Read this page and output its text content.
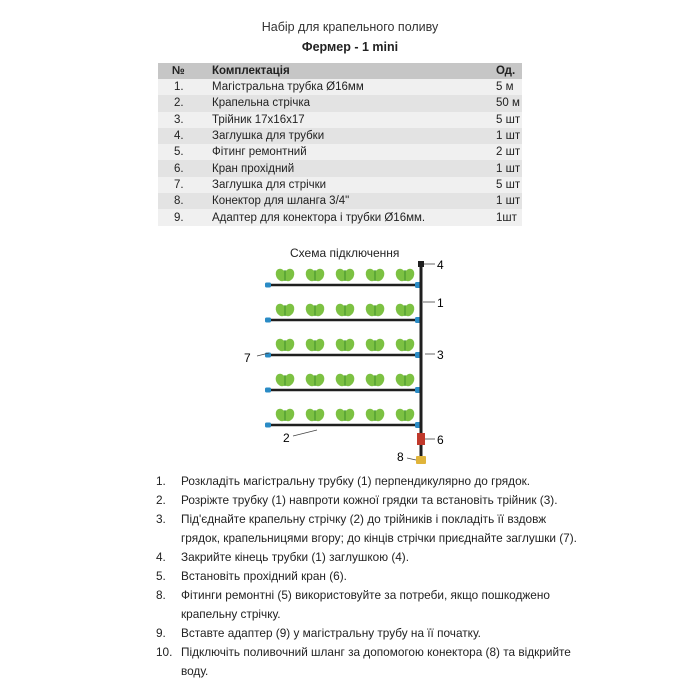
Набір для крапельного поливу
Фермер - 1 mini
№	Комплектація	Од.
1.	Магістральна трубка Ø16мм	5 м
2.	Крапельна стрічка	50 м
3.	Трійник 17х16х17	5 шт
4.	Заглушка для трубки	1 шт
5.	Фітинг ремонтний	2 шт
6.	Кран прохідний	1 шт
7.	Заглушка для стрічки	5 шт
8.	Конектор для шланга 3/4"	1 шт
9.	Адаптер для конектора і трубки Ø16мм.	1шт
Схема підключення
4
1
3
7
2	6
8
1. Розкладіть магістральну трубку (1) перпендикулярно до грядок.
2. Розріжте трубку (1) навпроти кожної грядки та встановіть трійник (3).
3. Під'єднайте крапельну стрічку (2) до трійників і покладіть її вздовж грядок, крапельницями вгору; до кінців стрічки приєднайте заглушки (7).
4. Закрийте кінець трубки (1) заглушкою (4).
5. Встановіть прохідний кран (6).
8. Фітинги ремонтні (5) використовуйте за потреби, якщо пошкоджено крапельну стрічку.
9. Вставте адаптер (9) у магістральну трубу на її початку.
10. Підключіть поливочний шланг за допомогою конектора (8) та відкрийте воду.
